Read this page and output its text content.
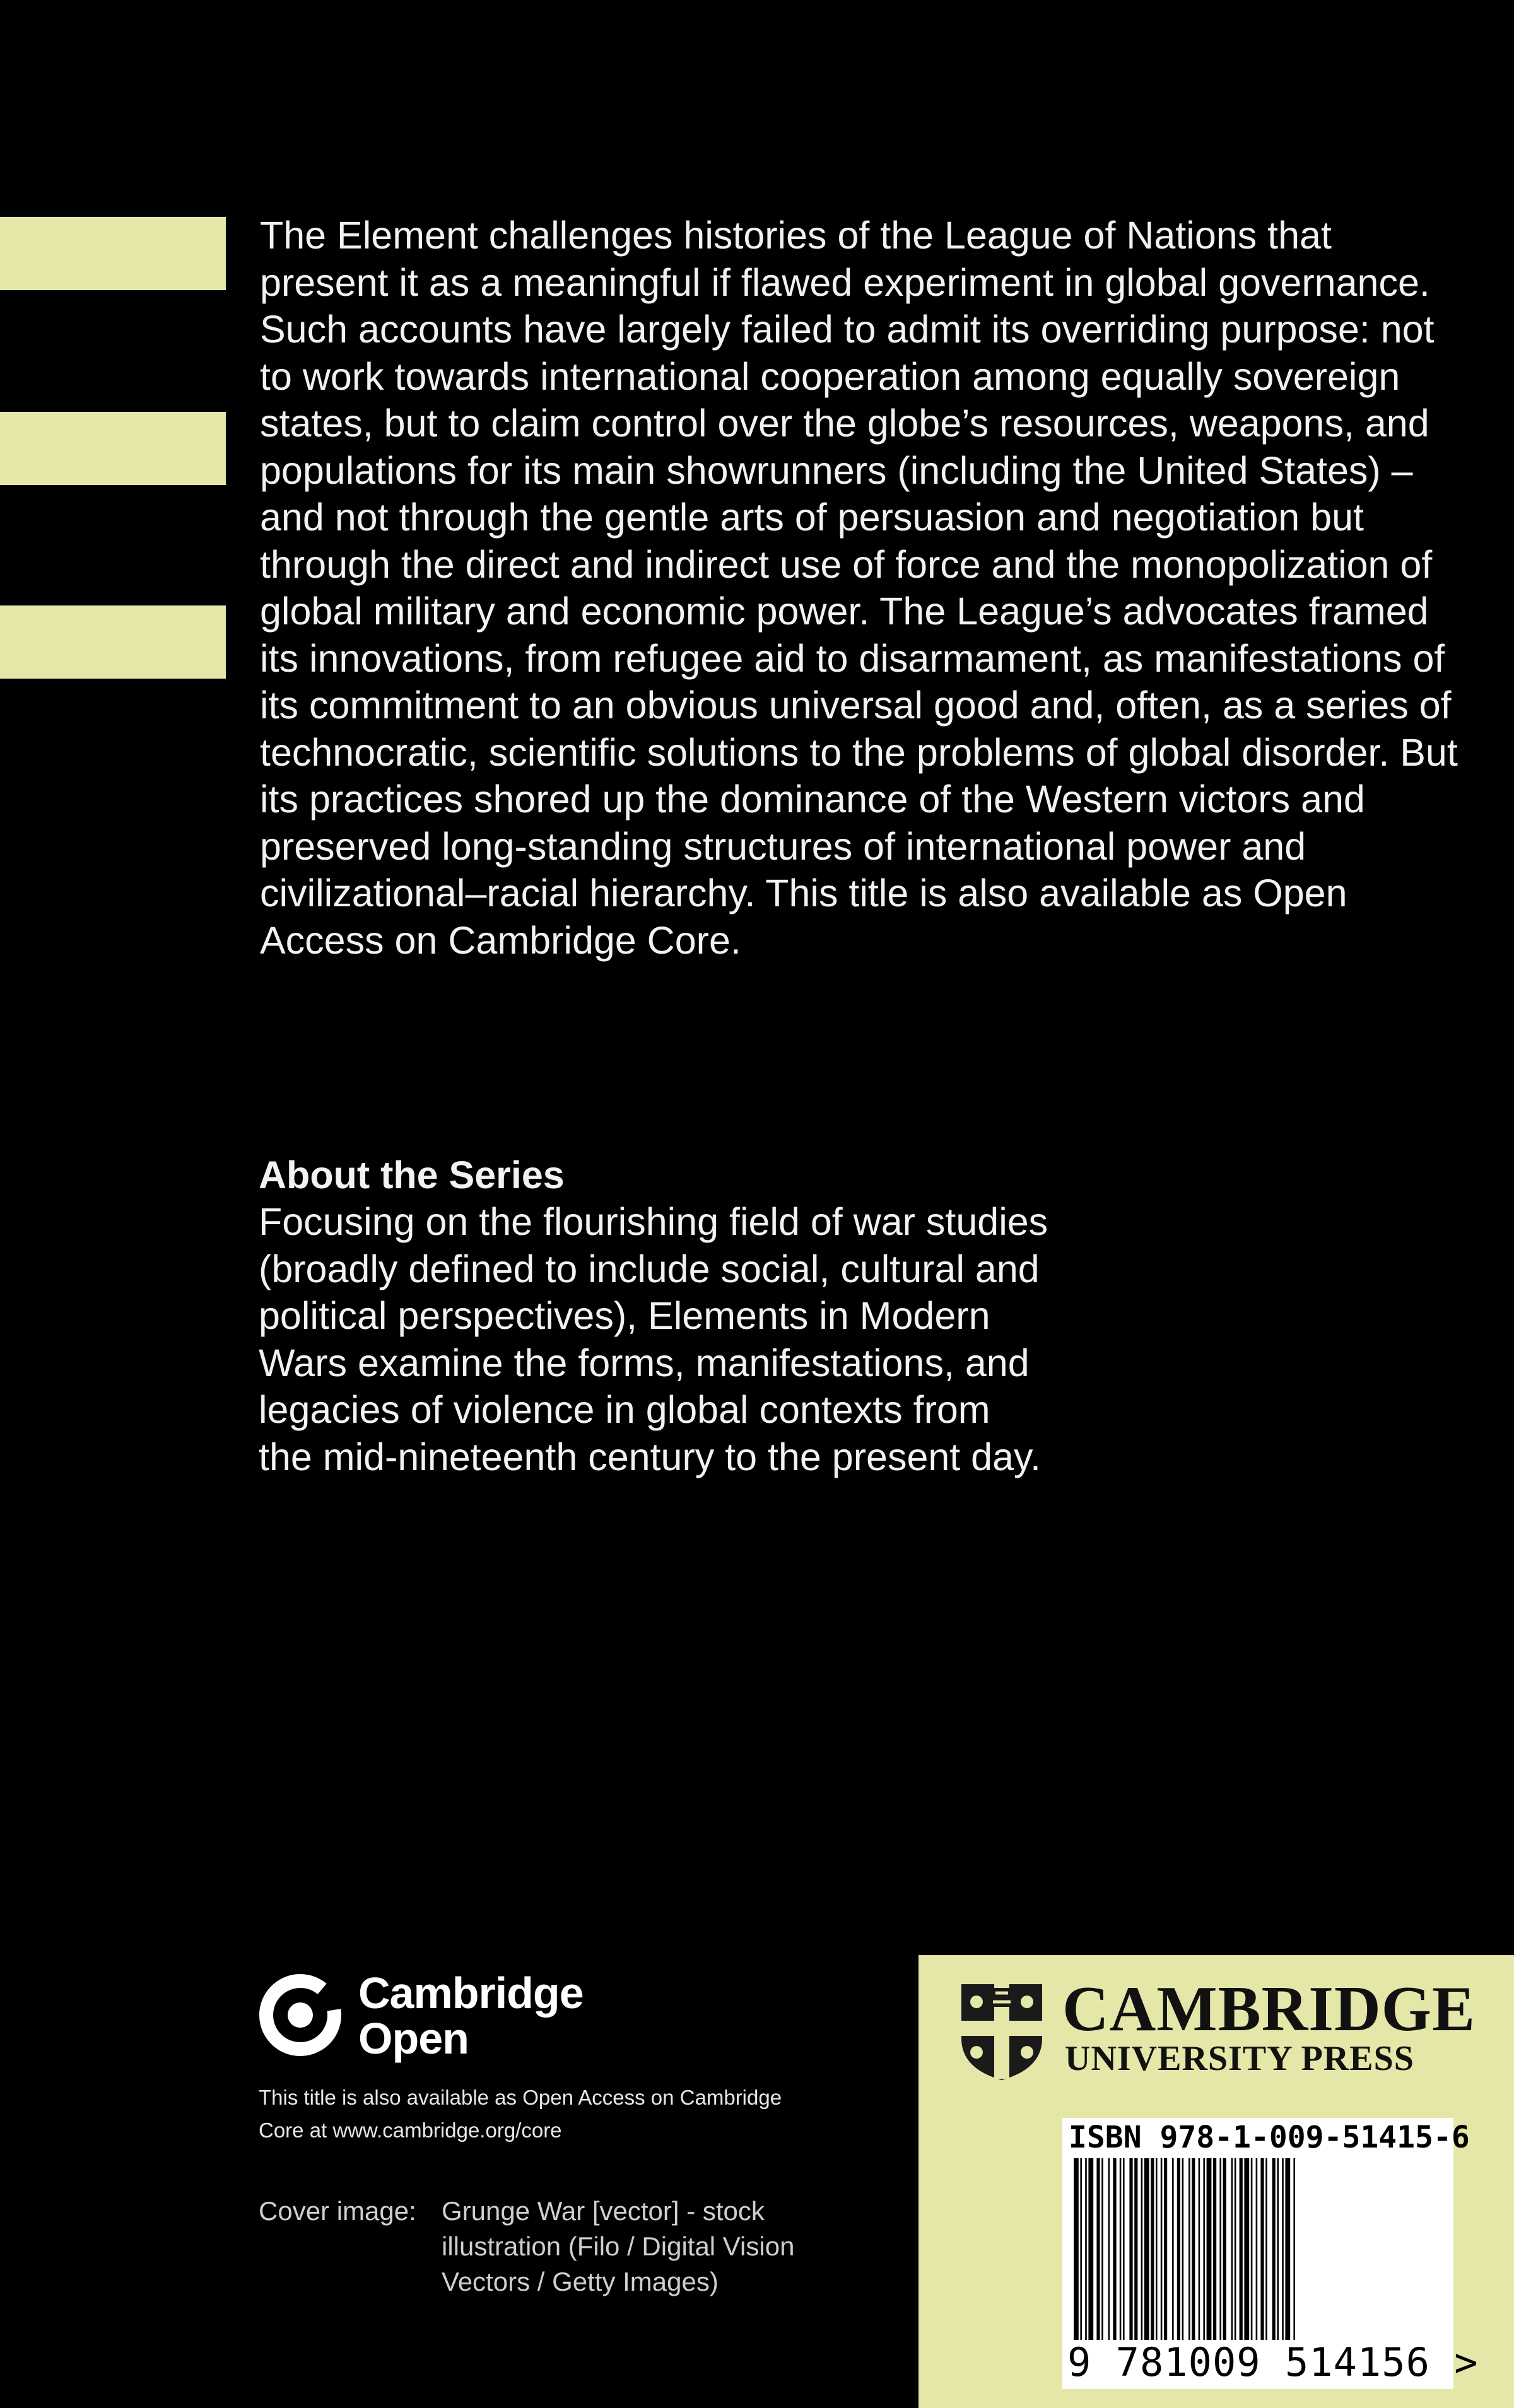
The Element challenges histories of the League of Nations that present it as a meaningful if flawed experiment in global governance. Such accounts have largely failed to admit its overriding purpose: not to work towards international cooperation among equally sovereign states, but to claim control over the globe’s resources, weapons, and populations for its main showrunners (including the United States) – and not through the gentle arts of persuasion and negotiation but through the direct and indirect use of force and the monopolization of global military and economic power. The League’s advocates framed its innovations, from refugee aid to disarmament, as manifestations of its commitment to an obvious universal good and, often, as a series of technocratic, scientific solutions to the problems of global disorder. But its practices shored up the dominance of the Western victors and preserved long-standing structures of international power and civilizational–racial hierarchy. This title is also available as Open Access on Cambridge Core.

About the Series

Focusing on the flourishing field of war studies (broadly defined to include social, cultural and political perspectives), Elements in Modern Wars examine the forms, manifestations, and legacies of violence in global contexts from the mid-nineteenth century to the present day.

Cambridge
Open

This title is also available as Open Access on Cambridge Core at www.cambridge.org/core

Cover image: Grunge War [vector] - stock illustration (Filo / Digital Vision Vectors / Getty Images)

CAMBRIDGE
UNIVERSITY PRESS
ISBN 978-1-009-51415-6
9 781009 514156 >
